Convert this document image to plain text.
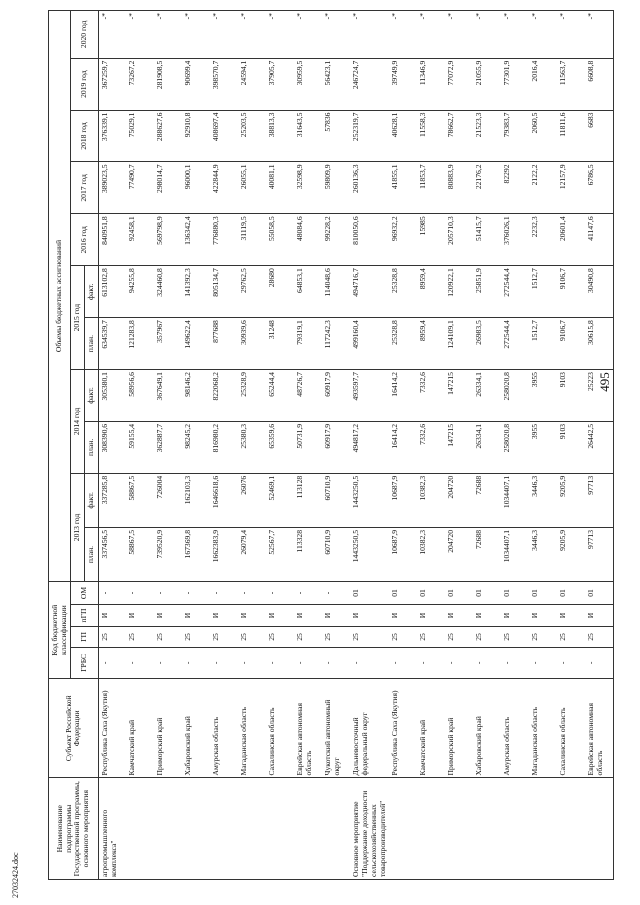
495
27032424.doc
Наименование подпрограммы Государственной программы, основного мероприятия	Субъект Российской Федерации	Код бюджетной классификации				Объемы бюджетных ассигнований										
		ГРБС	ГП	пГП	ОМ	2013 год		2014 год		2015 год		2016 год	2017 год	2018 год	2019 год	2020 год
						план.	факт.	план.	факт.	план.	факт.					
агропромышленного комплекса"	Республика Саха (Якутия)	-	25	И	-	337456,5	337285,8	308390,6	305380,1	634539,7	613102,8	840951,8	389023,5	376339,1	367259,7	-*
	Камчатский край	-	25	И	-	58867,5	58867,5	59155,4	58956,6	121283,8	94255,8	92458,1	77490,7	75029,1	73267,2	-*
	Приморский край	-	25	И	-	739520,9	726004	362887,7	367649,1	357967	324460,8	569798,9	298014,7	288627,6	281908,5	-*
	Хабаровский край	-	25	И	-	167369,8	162103,3	98245,2	98146,2	149622,4	141392,3	136342,4	96000,1	92910,8	90699,4	-*
	Амурская область	-	25	И	-	1662383,9	1646618,6	816980,2	822068,2	877688	805134,7	776880,3	422844,9	408697,4	398570,7	-*
	Магаданская область	-	25	И	-	26079,4	26076	25380,3	25328,9	30939,6	29762,5	31119,5	26055,1	25203,5	24594,1	-*
	Сахалинская область	-	25	И	-	52567,7	52469,1	65359,6	65244,4	31248	28680	55058,5	40081,1	38813,3	37905,7	-*
	Еврейская автономная область	-	25	И	-	113328	113128	50731,9	48726,7	79319,1	64853,1	48084,6	32598,9	31643,5	30959,5	-*
	Чукотский автономный округ	-	25	И	-	60710,9	60710,9	60917,9	60917,9	117242,3	114048,6	99228,2	59809,9	57836	56423,1	-*
Основное мероприятие "Поддержание доходности сельскохозяйственных товаропроизводителей"	Дальневосточный федеральный округ	-	25	И	01	1443250,5	1443250,5	494817,2	493597,7	499160,4	494716,7	810050,6	260136,3	252319,7	246724,7	-*
	Республика Саха (Якутия)	-	25	И	01	10687,9	10687,9	16414,2	16414,2	25328,8	25328,8	96932,2	41855,1	40628,1	39749,9	-*
	Камчатский край	-	25	И	01	10382,3	10382,3	7332,6	7332,6	8959,4	8959,4	15985	11853,7	11558,3	11346,9	-*
	Приморский край	-	25	И	01	204720	204720	147215	147215	124109,1	120922,1	205710,3	80883,9	78662,7	77072,9	-*
	Хабаровский край	-	25	И	01	72688	72688	26334,1	26334,1	26983,5	25851,9	51415,7	22176,2	21523,3	21055,9	-*
	Амурская область	-	25	И	01	1034407,1	1034407,1	258020,8	258020,8	272544,4	272544,4	376026,1	82292	79383,7	77301,9	-*
	Магаданская область	-	25	И	01	3446,3	3446,3	3955	3955	1512,7	1512,7	2232,3	2122,2	2060,5	2016,4	-*
	Сахалинская область	-	25	И	01	9205,9	9205,9	9103	9103	9106,7	9106,7	20601,4	12157,9	11811,6	11563,7	-*
	Еврейская автономная область	-	25	И	01	97713	97713	26442,5	25223	30615,8	30490,8	41147,6	6786,5	6683	6608,8	-*
